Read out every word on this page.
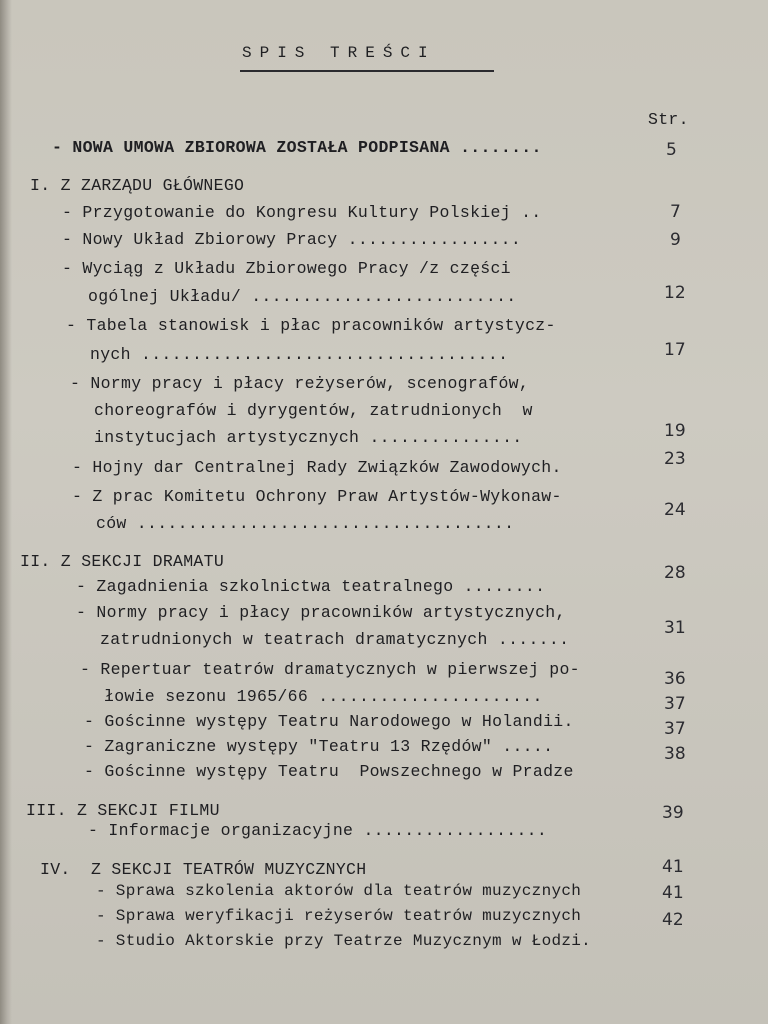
SPIS TREŚCI
Str.
- NOWA UMOWA ZBIOROWA ZOSTAŁA PODPISANA ........
I. Z ZARZĄDU GŁÓWNEGO
- Przygotowanie do Kongresu Kultury Polskiej ..
- Nowy Układ Zbiorowy Pracy .................
- Wyciąg z Układu Zbiorowego Pracy /z części
ogólnej Układu/ ..........................
- Tabela stanowisk i płac pracowników artystycz-
nych ....................................
- Normy pracy i płacy reżyserów, scenografów,
choreografów i dyrygentów, zatrudnionych  w
instytucjach artystycznych ...............
- Hojny dar Centralnej Rady Związków Zawodowych.
- Z prac Komitetu Ochrony Praw Artystów-Wykonaw-
ców .....................................
II. Z SEKCJI DRAMATU
- Zagadnienia szkolnictwa teatralnego ........
- Normy pracy i płacy pracowników artystycznych,
zatrudnionych w teatrach dramatycznych .......
- Repertuar teatrów dramatycznych w pierwszej po-
łowie sezonu 1965/66 ......................
- Gościnne występy Teatru Narodowego w Holandii.
- Zagraniczne występy "Teatru 13 Rzędów" .....
- Gościnne występy Teatru  Powszechnego w Pradze
III. Z SEKCJI FILMU
- Informacje organizacyjne ..................
IV.  Z SEKCJI TEATRÓW MUZYCZNYCH
- Sprawa szkolenia aktorów dla teatrów muzycznych
- Sprawa weryfikacji reżyserów teatrów muzycznych
- Studio Aktorskie przy Teatrze Muzycznym w Łodzi.
5
7
9
12
17
19
23
24
28
31
36
37
37
38
39
41
41
42
